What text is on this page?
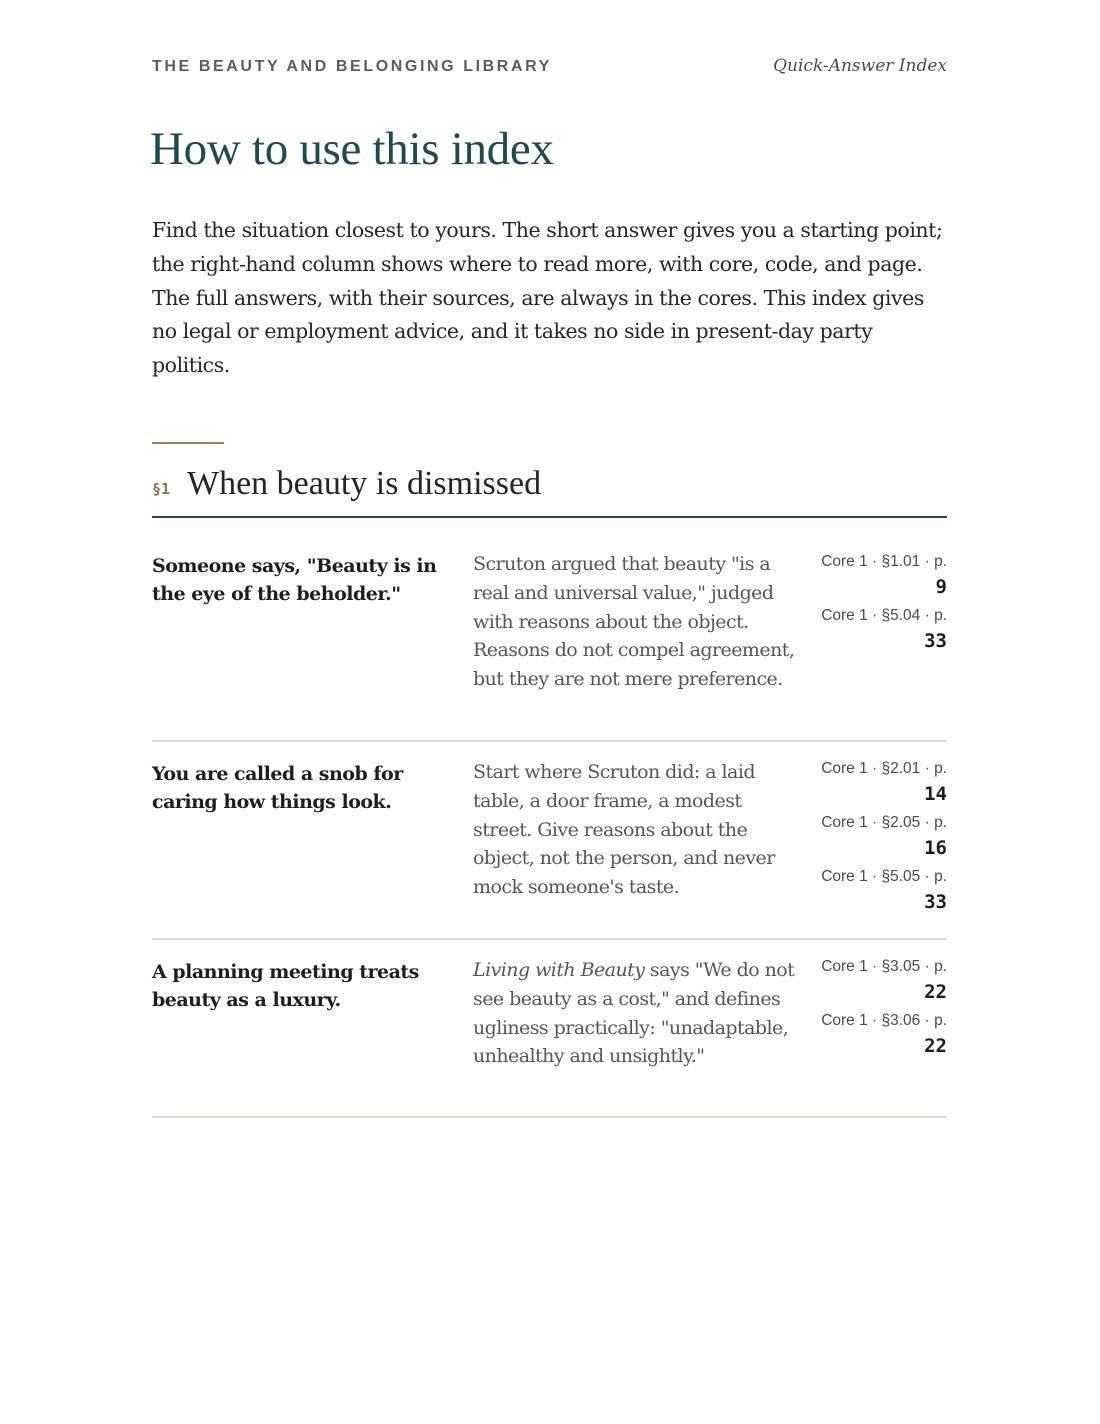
THE BEAUTY AND BELONGING LIBRARY	Quick-Answer Index
How to use this index

Find the situation closest to yours. The short answer gives you a starting point; the right-hand column shows where to read more, with core, code, and page. The full answers, with their sources, are always in the cores. This index gives no legal or employment advice, and it takes no side in present-day party politics.

§1 When beauty is dismissed
Someone says, "Beauty is in the eye of the beholder."
Scruton argued that beauty "is a real and universal value," judged with reasons about the object. Reasons do not compel agreement, but they are not mere preference.
Core 1 · §1.01 · p.
9
Core 1 · §5.04 · p.
33
You are called a snob for caring how things look.
Start where Scruton did: a laid table, a door frame, a modest street. Give reasons about the object, not the person, and never mock someone's taste.
Core 1 · §2.01 · p.
14
Core 1 · §2.05 · p.
16
Core 1 · §5.05 · p.
33
A planning meeting treats beauty as a luxury.
Living with Beauty says "We do not see beauty as a cost," and defines ugliness practically: "unadaptable, unhealthy and unsightly."
Core 1 · §3.05 · p.
22
Core 1 · §3.06 · p.
22
